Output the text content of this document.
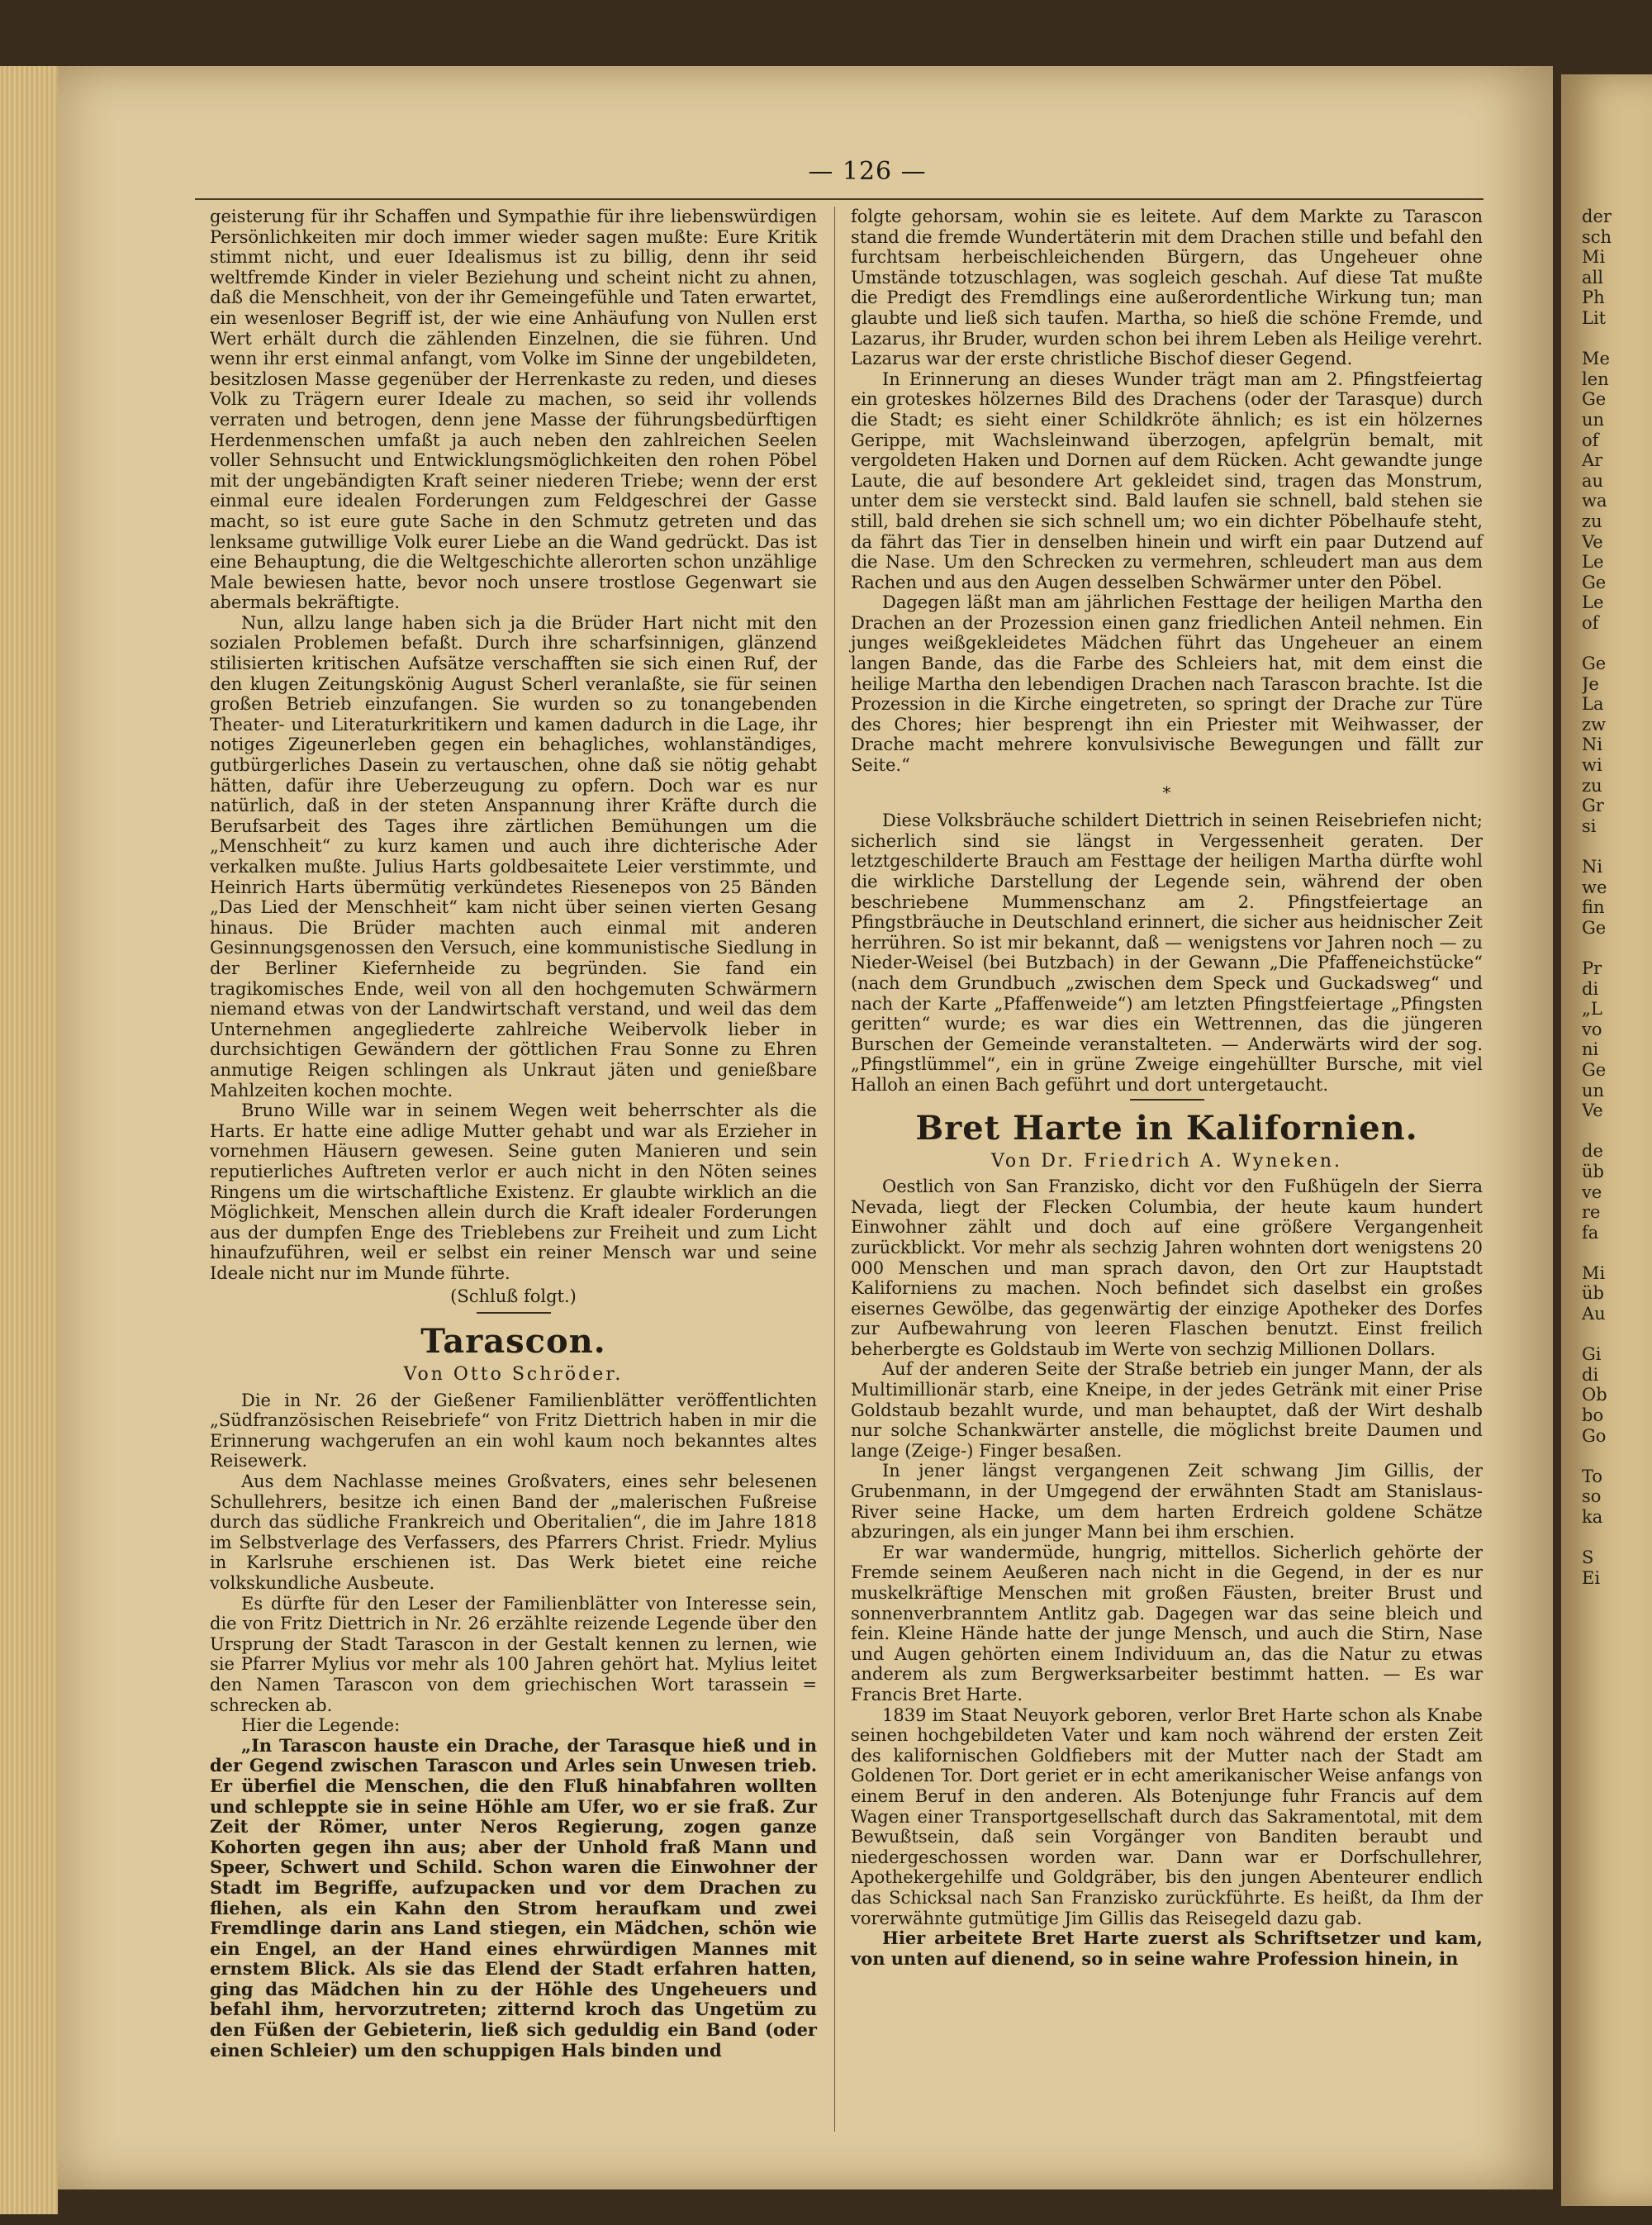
— 126 —

geisterung für ihr Schaffen und Sympathie für ihre liebenswürdigen Persönlichkeiten mir doch immer wieder sagen mußte: Eure Kritik stimmt nicht, und euer Idealismus ist zu billig, denn ihr seid weltfremde Kinder in vieler Beziehung und scheint nicht zu ahnen, daß die Menschheit, von der ihr Gemeingefühle und Taten erwartet, ein wesenloser Begriff ist, der wie eine Anhäufung von Nullen erst Wert erhält durch die zählenden Einzelnen, die sie führen. Und wenn ihr erst einmal anfangt, vom Volke im Sinne der ungebildeten, besitzlosen Masse gegenüber der Herrenkaste zu reden, und dieses Volk zu Trägern eurer Ideale zu machen, so seid ihr vollends verraten und betrogen, denn jene Masse der führungsbedürftigen Herdenmenschen umfaßt ja auch neben den zahlreichen Seelen voller Sehnsucht und Entwicklungsmöglichkeiten den rohen Pöbel mit der ungebändigten Kraft seiner niederen Triebe; wenn der erst einmal eure idealen Forderungen zum Feldgeschrei der Gasse macht, so ist eure gute Sache in den Schmutz getreten und das lenksame gutwillige Volk eurer Liebe an die Wand gedrückt. Das ist eine Behauptung, die die Weltgeschichte allerorten schon unzählige Male bewiesen hatte, bevor noch unsere trostlose Gegenwart sie abermals bekräftigte.

Nun, allzu lange haben sich ja die Brüder Hart nicht mit den sozialen Problemen befaßt. Durch ihre scharfsinnigen, glänzend stilisierten kritischen Aufsätze verschafften sie sich einen Ruf, der den klugen Zeitungskönig August Scherl veranlaßte, sie für seinen großen Betrieb einzufangen. Sie wurden so zu tonangebenden Theater- und Literaturkritikern und kamen dadurch in die Lage, ihr notiges Zigeunerleben gegen ein behagliches, wohlanständiges, gutbürgerliches Dasein zu vertauschen, ohne daß sie nötig gehabt hätten, dafür ihre Ueberzeugung zu opfern. Doch war es nur natürlich, daß in der steten Anspannung ihrer Kräfte durch die Berufsarbeit des Tages ihre zärtlichen Bemühungen um die „Menschheit“ zu kurz kamen und auch ihre dichterische Ader verkalken mußte. Julius Harts goldbesaitete Leier verstimmte, und Heinrich Harts übermütig verkündetes Riesenepos von 25 Bänden „Das Lied der Menschheit“ kam nicht über seinen vierten Gesang hinaus. Die Brüder machten auch einmal mit anderen Gesinnungsgenossen den Versuch, eine kommunistische Siedlung in der Berliner Kiefernheide zu begründen. Sie fand ein tragikomisches Ende, weil von all den hochgemuten Schwärmern niemand etwas von der Landwirtschaft verstand, und weil das dem Unternehmen angegliederte zahlreiche Weibervolk lieber in durchsichtigen Gewändern der göttlichen Frau Sonne zu Ehren anmutige Reigen schlingen als Unkraut jäten und genießbare Mahlzeiten kochen mochte.

Bruno Wille war in seinem Wegen weit beherrschter als die Harts. Er hatte eine adlige Mutter gehabt und war als Erzieher in vornehmen Häusern gewesen. Seine guten Manieren und sein reputierliches Auftreten verlor er auch nicht in den Nöten seines Ringens um die wirtschaftliche Existenz. Er glaubte wirklich an die Möglichkeit, Menschen allein durch die Kraft idealer Forderungen aus der dumpfen Enge des Trieblebens zur Freiheit und zum Licht hinaufzuführen, weil er selbst ein reiner Mensch war und seine Ideale nicht nur im Munde führte.

(Schluß folgt.)
Tarascon.
Von Otto Schröder.

Die in Nr. 26 der Gießener Familienblätter veröffentlichten „Südfranzösischen Reisebriefe“ von Fritz Diettrich haben in mir die Erinnerung wachgerufen an ein wohl kaum noch bekanntes altes Reisewerk.

Aus dem Nachlasse meines Großvaters, eines sehr belesenen Schullehrers, besitze ich einen Band der „malerischen Fußreise durch das südliche Frankreich und Oberitalien“, die im Jahre 1818 im Selbstverlage des Verfassers, des Pfarrers Christ. Friedr. Mylius in Karlsruhe erschienen ist. Das Werk bietet eine reiche volkskundliche Ausbeute.

Es dürfte für den Leser der Familienblätter von Interesse sein, die von Fritz Diettrich in Nr. 26 erzählte reizende Legende über den Ursprung der Stadt Tarascon in der Gestalt kennen zu lernen, wie sie Pfarrer Mylius vor mehr als 100 Jahren gehört hat. Mylius leitet den Namen Tarascon von dem griechischen Wort tarassein = schrecken ab.

Hier die Legende:

„In Tarascon hauste ein Drache, der Tarasque hieß und in der Gegend zwischen Tarascon und Arles sein Unwesen trieb. Er überfiel die Menschen, die den Fluß hinabfahren wollten und schleppte sie in seine Höhle am Ufer, wo er sie fraß. Zur Zeit der Römer, unter Neros Regierung, zogen ganze Kohorten gegen ihn aus; aber der Unhold fraß Mann und Speer, Schwert und Schild. Schon waren die Einwohner der Stadt im Begriffe, aufzupacken und vor dem Drachen zu fliehen, als ein Kahn den Strom heraufkam und zwei Fremdlinge darin ans Land stiegen, ein Mädchen, schön wie ein Engel, an der Hand eines ehrwürdigen Mannes mit ernstem Blick. Als sie das Elend der Stadt erfahren hatten, ging das Mädchen hin zu der Höhle des Ungeheuers und befahl ihm, hervorzutreten; zitternd kroch das Ungetüm zu den Füßen der Gebieterin, ließ sich geduldig ein Band (oder einen Schleier) um den schuppigen Hals binden und

folgte gehorsam, wohin sie es leitete. Auf dem Markte zu Tarascon stand die fremde Wundertäterin mit dem Drachen stille und befahl den furchtsam herbeischleichenden Bürgern, das Ungeheuer ohne Umstände totzuschlagen, was sogleich geschah. Auf diese Tat mußte die Predigt des Fremdlings eine außerordentliche Wirkung tun; man glaubte und ließ sich taufen. Martha, so hieß die schöne Fremde, und Lazarus, ihr Bruder, wurden schon bei ihrem Leben als Heilige verehrt. Lazarus war der erste christliche Bischof dieser Gegend.

In Erinnerung an dieses Wunder trägt man am 2. Pfingstfeiertag ein groteskes hölzernes Bild des Drachens (oder der Tarasque) durch die Stadt; es sieht einer Schildkröte ähnlich; es ist ein hölzernes Gerippe, mit Wachsleinwand überzogen, apfelgrün bemalt, mit vergoldeten Haken und Dornen auf dem Rücken. Acht gewandte junge Laute, die auf besondere Art gekleidet sind, tragen das Monstrum, unter dem sie versteckt sind. Bald laufen sie schnell, bald stehen sie still, bald drehen sie sich schnell um; wo ein dichter Pöbelhaufe steht, da fährt das Tier in denselben hinein und wirft ein paar Dutzend auf die Nase. Um den Schrecken zu vermehren, schleudert man aus dem Rachen und aus den Augen desselben Schwärmer unter den Pöbel.

Dagegen läßt man am jährlichen Festtage der heiligen Martha den Drachen an der Prozession einen ganz friedlichen Anteil nehmen. Ein junges weißgekleidetes Mädchen führt das Ungeheuer an einem langen Bande, das die Farbe des Schleiers hat, mit dem einst die heilige Martha den lebendigen Drachen nach Tarascon brachte. Ist die Prozession in die Kirche eingetreten, so springt der Drache zur Türe des Chores; hier besprengt ihn ein Priester mit Weihwasser, der Drache macht mehrere konvulsivische Bewegungen und fällt zur Seite.“

*

Diese Volksbräuche schildert Diettrich in seinen Reisebriefen nicht; sicherlich sind sie längst in Vergessenheit geraten. Der letztgeschilderte Brauch am Festtage der heiligen Martha dürfte wohl die wirkliche Darstellung der Legende sein, während der oben beschriebene Mummenschanz am 2. Pfingstfeiertage an Pfingstbräuche in Deutschland erinnert, die sicher aus heidnischer Zeit herrühren. So ist mir bekannt, daß — wenigstens vor Jahren noch — zu Nieder-Weisel (bei Butzbach) in der Gewann „Die Pfaffeneichstücke“ (nach dem Grundbuch „zwischen dem Speck und Guckadsweg“ und nach der Karte „Pfaffenweide“) am letzten Pfingstfeiertage „Pfingsten geritten“ wurde; es war dies ein Wettrennen, das die jüngeren Burschen der Gemeinde veranstalteten. — Anderwärts wird der sog. „Pfingstlümmel“, ein in grüne Zweige eingehüllter Bursche, mit viel Halloh an einen Bach geführt und dort untergetaucht.

Bret Harte in Kalifornien.
Von Dr. Friedrich A. Wyneken.

Oestlich von San Franzisko, dicht vor den Fußhügeln der Sierra Nevada, liegt der Flecken Columbia, der heute kaum hundert Einwohner zählt und doch auf eine größere Vergangenheit zurückblickt. Vor mehr als sechzig Jahren wohnten dort wenigstens 20 000 Menschen und man sprach davon, den Ort zur Hauptstadt Kaliforniens zu machen. Noch befindet sich daselbst ein großes eisernes Gewölbe, das gegenwärtig der einzige Apotheker des Dorfes zur Aufbewahrung von leeren Flaschen benutzt. Einst freilich beherbergte es Goldstaub im Werte von sechzig Millionen Dollars.

Auf der anderen Seite der Straße betrieb ein junger Mann, der als Multimillionär starb, eine Kneipe, in der jedes Getränk mit einer Prise Goldstaub bezahlt wurde, und man behauptet, daß der Wirt deshalb nur solche Schankwärter anstelle, die möglichst breite Daumen und lange (Zeige-) Finger besaßen.

In jener längst vergangenen Zeit schwang Jim Gillis, der Grubenmann, in der Umgegend der erwähnten Stadt am Stanislaus-River seine Hacke, um dem harten Erdreich goldene Schätze abzuringen, als ein junger Mann bei ihm erschien.

Er war wandermüde, hungrig, mittellos. Sicherlich gehörte der Fremde seinem Aeußeren nach nicht in die Gegend, in der es nur muskelkräftige Menschen mit großen Fäusten, breiter Brust und sonnenverbranntem Antlitz gab. Dagegen war das seine bleich und fein. Kleine Hände hatte der junge Mensch, und auch die Stirn, Nase und Augen gehörten einem Individuum an, das die Natur zu etwas anderem als zum Bergwerksarbeiter bestimmt hatten. — Es war Francis Bret Harte.

1839 im Staat Neuyork geboren, verlor Bret Harte schon als Knabe seinen hochgebildeten Vater und kam noch während der ersten Zeit des kalifornischen Goldfiebers mit der Mutter nach der Stadt am Goldenen Tor. Dort geriet er in echt amerikanischer Weise anfangs von einem Beruf in den anderen. Als Botenjunge fuhr Francis auf dem Wagen einer Transportgesellschaft durch das Sakramentotal, mit dem Bewußtsein, daß sein Vorgänger von Banditen beraubt und niedergeschossen worden war. Dann war er Dorfschullehrer, Apothekergehilfe und Goldgräber, bis den jungen Abenteurer endlich das Schicksal nach San Franzisko zurückführte. Es heißt, da Ihm der vorerwähnte gutmütige Jim Gillis das Reisegeld dazu gab.

Hier arbeitete Bret Harte zuerst als Schriftsetzer und kam, von unten auf dienend, so in seine wahre Profession hinein, in

der
sch
Mi
all
Ph
Lit

Me
len
Ge
un
of
Ar
au
wa
zu
Ve
Le
Ge
Le
of

Ge
Je
La
zw
Ni
wi
zu
Gr
si

Ni
we
fin
Ge

Pr
di
„L
vo
ni
Ge
un
Ve

de
üb
ve
re
fa

Mi
üb
Au

Gi
di
Ob
bo
Go

To
so
ka

S
Ei
